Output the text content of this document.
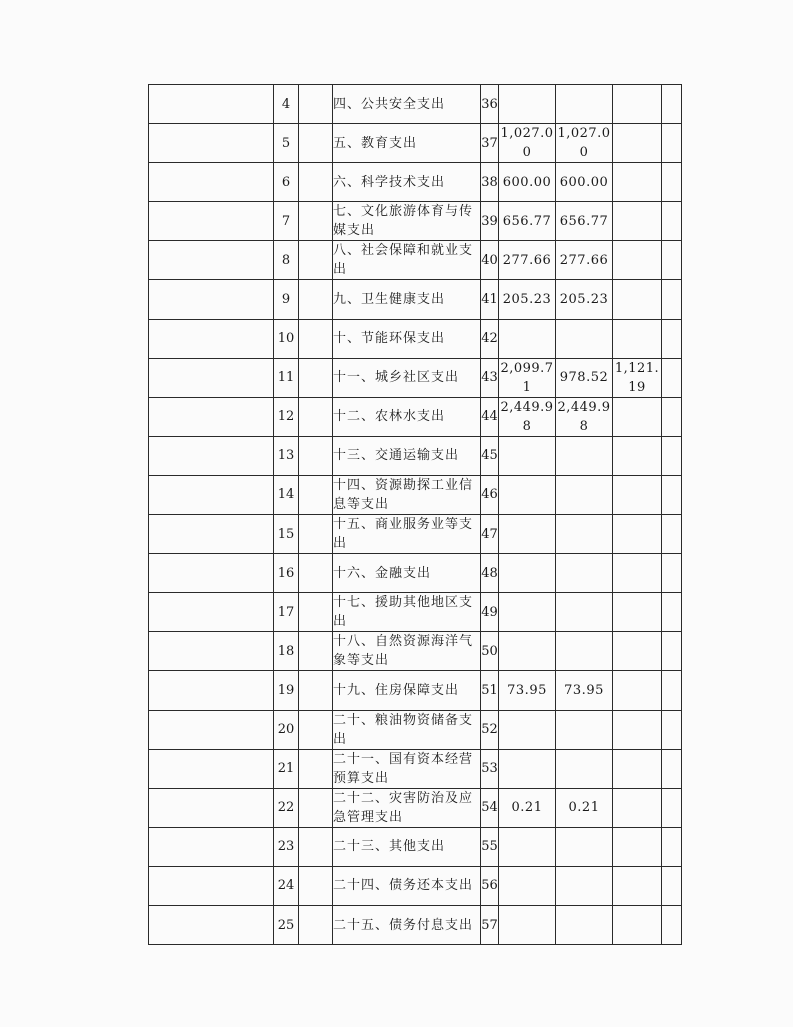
	4		四、公共安全支出	36				

	5		五、教育支出	37	1,027.00	1,027.00		

	6		六、科学技术支出	38	600.00	600.00		

	7		七、文化旅游体育与传媒支出	39	656.77	656.77		

	8		八、社会保障和就业支出	40	277.66	277.66		

	9		九、卫生健康支出	41	205.23	205.23		

	10		十、节能环保支出	42				

	11		十一、城乡社区支出	43	2,099.71	978.52	1,121.19	

	12		十二、农林水支出	44	2,449.98	2,449.98		

	13		十三、交通运输支出	45				

	14		十四、资源勘探工业信息等支出	46				

	15		十五、商业服务业等支出	47				

	16		十六、金融支出	48				

	17		十七、援助其他地区支出	49				

	18		十八、自然资源海洋气象等支出	50				

	19		十九、住房保障支出	51	73.95	73.95		

	20		二十、粮油物资储备支出	52				

	21		二十一、国有资本经营预算支出	53				

	22		二十二、灾害防治及应急管理支出	54	0.21	0.21		

	23		二十三、其他支出	55				

	24		二十四、债务还本支出	56				

	25		二十五、债务付息支出	57				
